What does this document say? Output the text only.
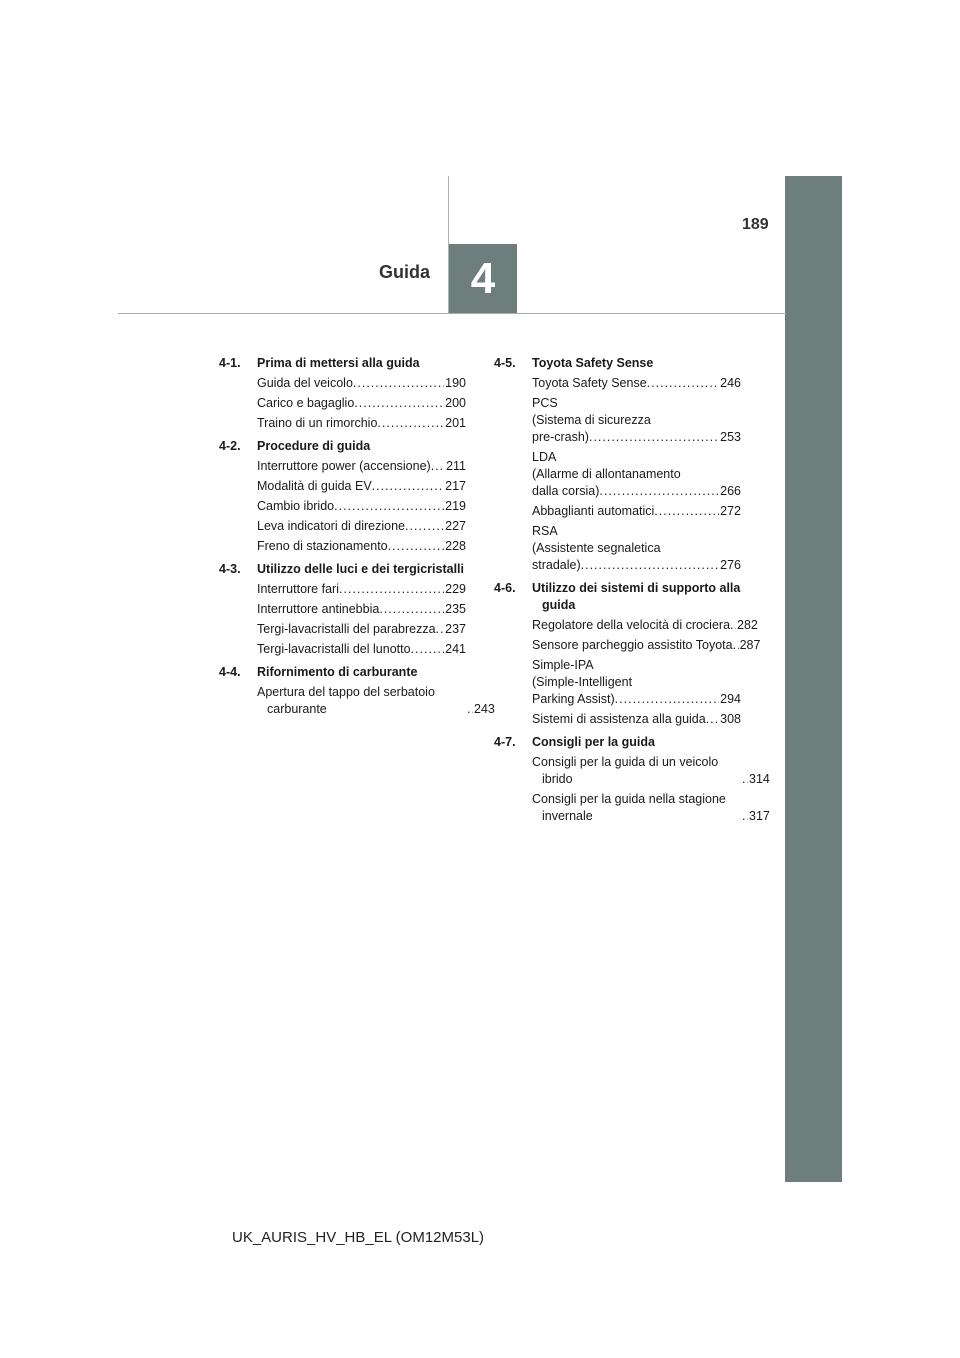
189
4
Guida
4-1.	Prima di mettersi alla guida
Guida del veicolo .....	190
Carico e bagaglio .....	200
Traino di un rimorchio .....	201
4-2.	Procedure di guida
Interruttore power (accensione) ..... 211
Modalità di guida EV .....	217
Cambio ibrido .....	219
Leva indicatori di direzione .....	227
Freno di stazionamento .....	228
4-3.	Utilizzo delle luci e dei tergicristalli
Interruttore fari .....	229
Interruttore antinebbia .....	235
Tergi-lavacristalli del parabrezza ..... 237
Tergi-lavacristalli del lunotto .....	241
4-4.	Rifornimento di carburante
Apertura del tappo del serbatoio carburante .....	243
4-5.	Toyota Safety Sense
Toyota Safety Sense .....	246
PCS
(Sistema di sicurezza
pre-crash) .....	253
LDA
(Allarme di allontanamento
dalla corsia) .....	266
Abbaglianti automatici .....	272
RSA
(Assistente segnaletica
stradale) .....	276
4-6.	Utilizzo dei sistemi di supporto alla guida
Regolatore della velocità di crociera ..... 282
Sensore parcheggio assistito Toyota ..... 287
Simple-IPA
(Simple-Intelligent
Parking Assist) .....	294
Sistemi di assistenza alla guida ..... 308
4-7.	Consigli per la guida
Consigli per la guida di un veicolo ibrido .....	314
Consigli per la guida nella stagione invernale .....	317
UK_AURIS_HV_HB_EL (OM12M53L)
